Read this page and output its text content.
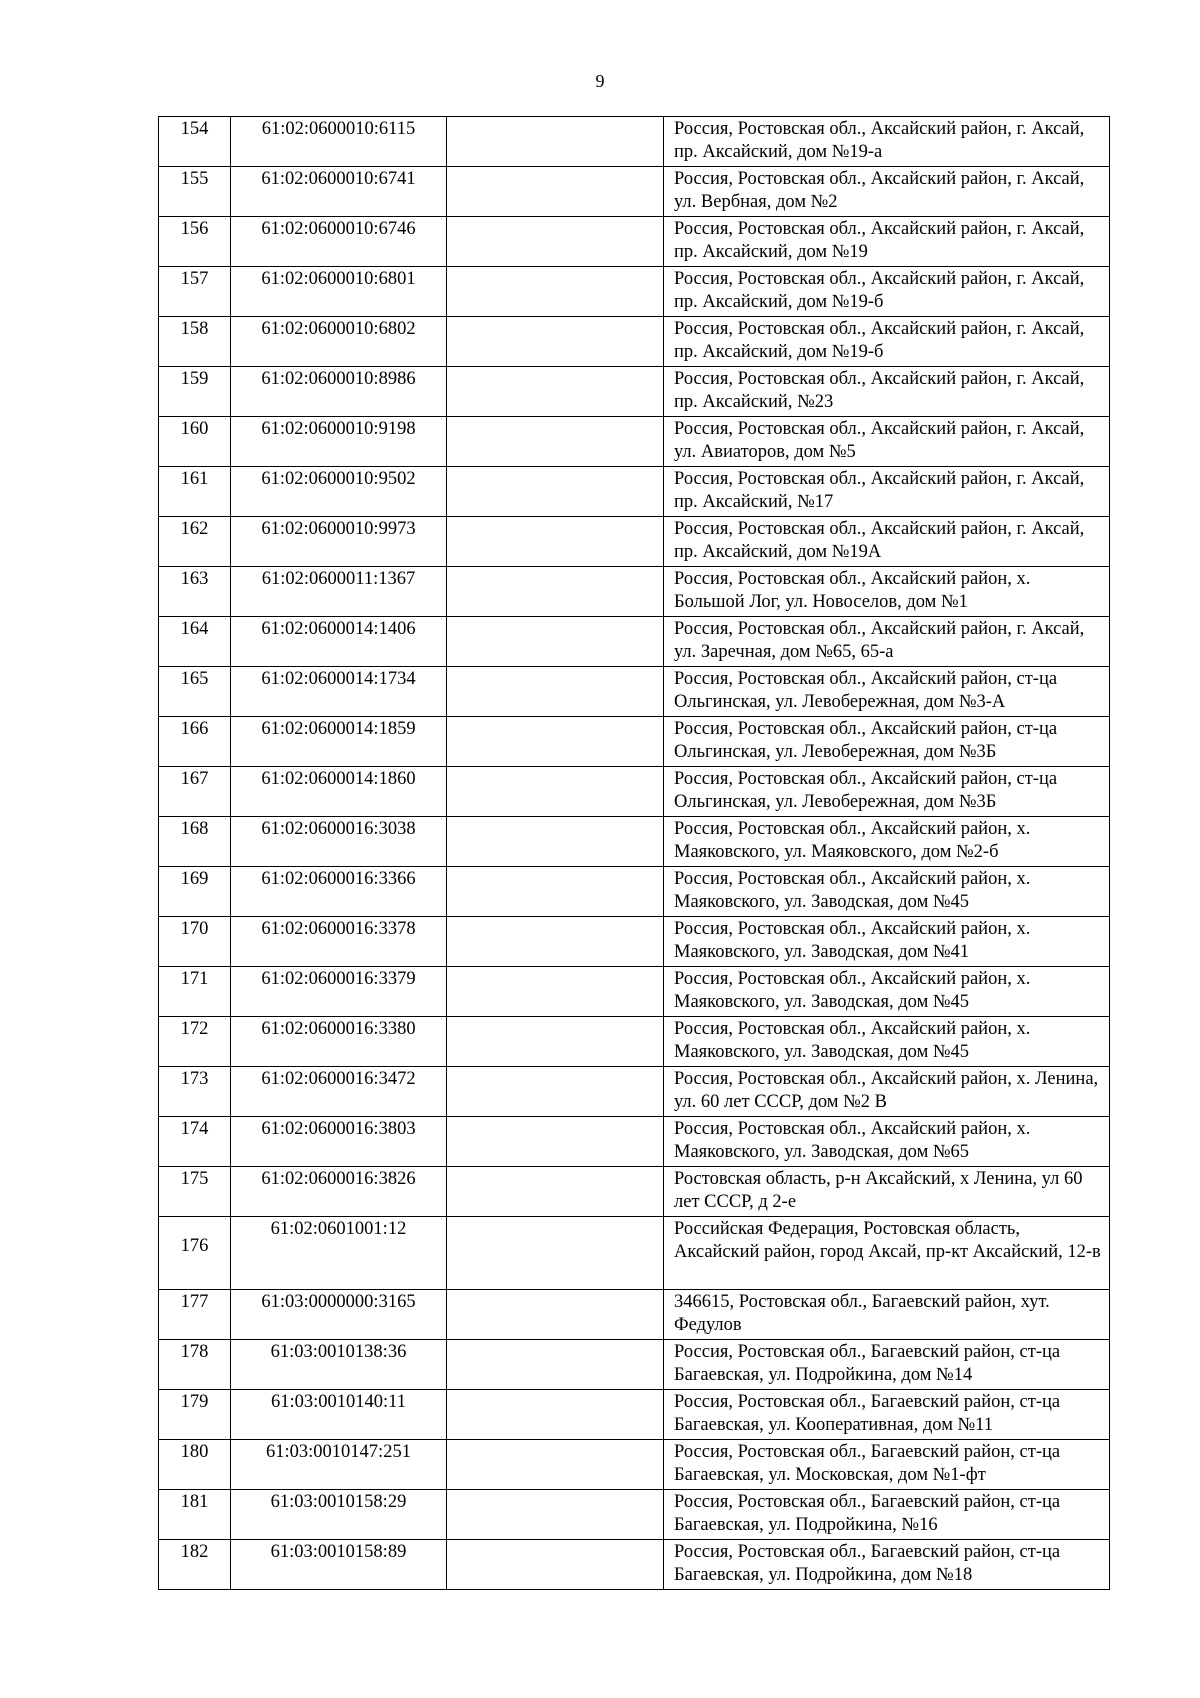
9
154	61:02:0600010:6115		Россия, Ростовская обл., Аксайский район, г. Аксай, пр. Аксайский, дом №19-а
155	61:02:0600010:6741		Россия, Ростовская обл., Аксайский район, г. Аксай, ул. Вербная, дом №2
156	61:02:0600010:6746		Россия, Ростовская обл., Аксайский район, г. Аксай, пр. Аксайский, дом №19
157	61:02:0600010:6801		Россия, Ростовская обл., Аксайский район, г. Аксай, пр. Аксайский, дом №19-б
158	61:02:0600010:6802		Россия, Ростовская обл., Аксайский район, г. Аксай, пр. Аксайский, дом №19-б
159	61:02:0600010:8986		Россия, Ростовская обл., Аксайский район, г. Аксай, пр. Аксайский, №23
160	61:02:0600010:9198		Россия, Ростовская обл., Аксайский район, г. Аксай, ул. Авиаторов, дом №5
161	61:02:0600010:9502		Россия, Ростовская обл., Аксайский район, г. Аксай, пр. Аксайский, №17
162	61:02:0600010:9973		Россия, Ростовская обл., Аксайский район, г. Аксай, пр. Аксайский, дом №19А
163	61:02:0600011:1367		Россия, Ростовская обл., Аксайский район, х. Большой Лог, ул. Новоселов, дом №1
164	61:02:0600014:1406		Россия, Ростовская обл., Аксайский район, г. Аксай, ул. Заречная, дом №65, 65-а
165	61:02:0600014:1734		Россия, Ростовская обл., Аксайский район, ст-ца Ольгинская, ул. Левобережная, дом №3-А
166	61:02:0600014:1859		Россия, Ростовская обл., Аксайский район, ст-ца Ольгинская, ул. Левобережная, дом №3Б
167	61:02:0600014:1860		Россия, Ростовская обл., Аксайский район, ст-ца Ольгинская, ул. Левобережная, дом №3Б
168	61:02:0600016:3038		Россия, Ростовская обл., Аксайский район, х. Маяковского, ул. Маяковского, дом №2-б
169	61:02:0600016:3366		Россия, Ростовская обл., Аксайский район, х. Маяковского, ул. Заводская, дом №45
170	61:02:0600016:3378		Россия, Ростовская обл., Аксайский район, х. Маяковского, ул. Заводская, дом №41
171	61:02:0600016:3379		Россия, Ростовская обл., Аксайский район, х. Маяковского, ул. Заводская, дом №45
172	61:02:0600016:3380		Россия, Ростовская обл., Аксайский район, х. Маяковского, ул. Заводская, дом №45
173	61:02:0600016:3472		Россия, Ростовская обл., Аксайский район, х. Ленина, ул. 60 лет СССР, дом №2 В
174	61:02:0600016:3803		Россия, Ростовская обл., Аксайский район, х. Маяковского, ул. Заводская, дом №65
175	61:02:0600016:3826		Ростовская область, р-н Аксайский, х Ленина, ул 60 лет СССР, д 2-е
176	61:02:0601001:12		Российская Федерация, Ростовская область, Аксайский район, город Аксай, пр-кт Аксайский, 12-в
177	61:03:0000000:3165		346615, Ростовская обл., Багаевский район, хут. Федулов
178	61:03:0010138:36		Россия, Ростовская обл., Багаевский район, ст-ца Багаевская, ул. Подройкина, дом №14
179	61:03:0010140:11		Россия, Ростовская обл., Багаевский район, ст-ца Багаевская, ул. Кооперативная, дом №11
180	61:03:0010147:251		Россия, Ростовская обл., Багаевский район, ст-ца Багаевская, ул. Московская, дом №1-фт
181	61:03:0010158:29		Россия, Ростовская обл., Багаевский район, ст-ца Багаевская, ул. Подройкина, №16
182	61:03:0010158:89		Россия, Ростовская обл., Багаевский район, ст-ца Багаевская, ул. Подройкина, дом №18
